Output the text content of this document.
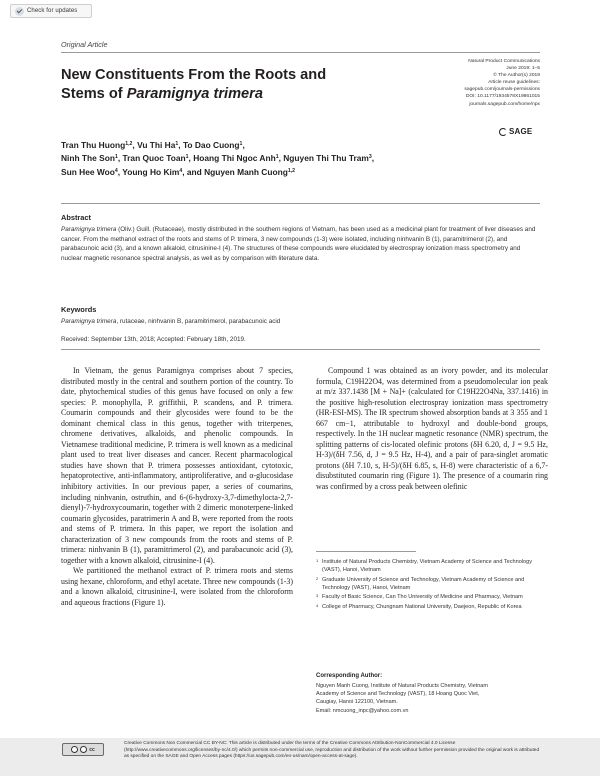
Check for updates
Original Article
New Constituents From the Roots and
Stems of Paramignya trimera
Natural Product Communications
June 2019: 1–5
© The Author(s) 2019
Article reuse guidelines:
sagepub.com/journals-permissions
DOI: 10.1177/1934578X19861015
journals.sagepub.com/home/npx
SAGE
Tran Thu Huong$^{1,2}$, Vu Thi Ha$^1$, To Dao Cuong$^1$,
Ninh The Son$^1$, Tran Quoc Toan$^1$, Hoang Thi Ngoc Anh$^1$, Nguyen Thi Thu Tram$^3$,
Sun Hee Woo$^4$, Young Ho Kim$^4$, and Nguyen Manh Cuong$^{1,2}$
Abstract
Paramignya trimera (Oliv.) Guill. (Rutaceae), mostly distributed in the southern regions of Vietnam, has been used as a medicinal plant for treatment of liver diseases and cancer. From the methanol extract of the roots and stems of P. trimera, 3 new compounds (1-3) were isolated, including ninhvanin B (1), paramitrimerol (2), and parabacunoic acid (3), and a known alkaloid, citrusinine-I (4). The structures of these compounds were elucidated by electrospray ionization mass spectrometry and nuclear magnetic resonance spectral analysis, as well as by comparison with literature data.
Keywords
Paramignya trimera, rutaceae, ninhvanin B, paramitrimerol, parabacunoic acid
Received: September 13th, 2018; Accepted: February 18th, 2019.

In Vietnam, the genus Paramignya comprises about 7 species, distributed mostly in the central and southern portion of the country. To date, phytochemical studies of this genus have focused on only a few species: P. monophylla, P. griffithii, P. scandens, and P. trimera. Coumarin compounds and their glycosides were found to be the dominant chemical class in this genus, together with triterpenes, chromene derivatives, alkaloids, and phenolic compounds. In Vietnamese traditional medicine, P. trimera is well known as a medicinal plant used to treat liver diseases and cancer. Recent pharmacological studies have shown that P. trimera possesses antioxidant, cytotoxic, hepatoprotective, anti-inflammatory, antiproliferative, and α-glucosidase inhibitory activities. In our previous paper, a series of coumarins, including ninhvanin, ostruthin, and 6-(6-hydroxy-3,7-dimethylocta-2,7-dienyl)-7-hydroxycoumarin, together with 2 dimeric monoterpene-linked coumarin glycosides, paratrimerin A and B, were reported from the roots and stems of P. trimera. In this paper, we report the isolation and characterization of 3 new compounds from the roots and stems of P. trimera: ninhvanin B (1), paramitrimerol (2), and parabacunoic acid (3), together with a known alkaloid, citrusinine-I (4).

We partitioned the methanol extract of P. trimera roots and stems using hexane, chloroform, and ethyl acetate. Three new compounds (1-3) and a known alkaloid, citrusinine-I, were isolated from the chloroform and aqueous fractions (Figure 1).

Compound 1 was obtained as an ivory powder, and its molecular formula, C19H22O4, was determined from a pseudomolecular ion peak at m/z 337.1438 [M + Na]+ (calculated for C19H22O4Na, 337.1416) in the positive high-resolution electrospray ionization mass spectrometry (HR-ESI-MS). The IR spectrum showed absorption bands at 3 355 and 1 667 cm−1, attributable to hydroxyl and double-bond groups, respectively. In the 1H nuclear magnetic resonance (NMR) spectrum, the splitting patterns of cis-located olefinic protons (δH 6.20, d, J = 9.5 Hz, H-3)/(δH 7.56, d, J = 9.5 Hz, H-4), and a pair of para-singlet aromatic protons (δH 7.10, s, H-5)/(δH 6.85, s, H-8) were characteristic of a 6,7-disubstituted coumarin ring (Figure 1). The presence of a coumarin ring was confirmed by a cross peak between olefinic

1 Institute of Natural Products Chemistry, Vietnam Academy of Science and Technology (VAST), Hanoi, Vietnam
2 Graduate University of Science and Technology, Vietnam Academy of Science and Technology (VAST), Hanoi, Vietnam
3 Faculty of Basic Science, Can Tho University of Medicine and Pharmacy, Vietnam
4 College of Pharmacy, Chungnam National University, Daejeon, Republic of Korea
Corresponding Author:
Nguyen Manh Cuong, Institute of Natural Products Chemistry, Vietnam
Academy of Science and Technology (VAST), 18 Hoang Quoc Viet,
Caugiay, Hanoi 122100, Vietnam.
Email: nmcuong_inpc@yahoo.com.vn
cc
Creative Commons Non Commercial CC BY-NC: This article is distributed under the terms of the Creative Commons Attribution-NonCommercial 4.0 License (http://www.creativecommons.org/licenses/by-nc/4.0/) which permits non-commercial use, reproduction and distribution of the work without further permission provided the original work is attributed as specified on the SAGE and Open Access pages (https://us.sagepub.com/en-us/nam/open-access-at-sage).
